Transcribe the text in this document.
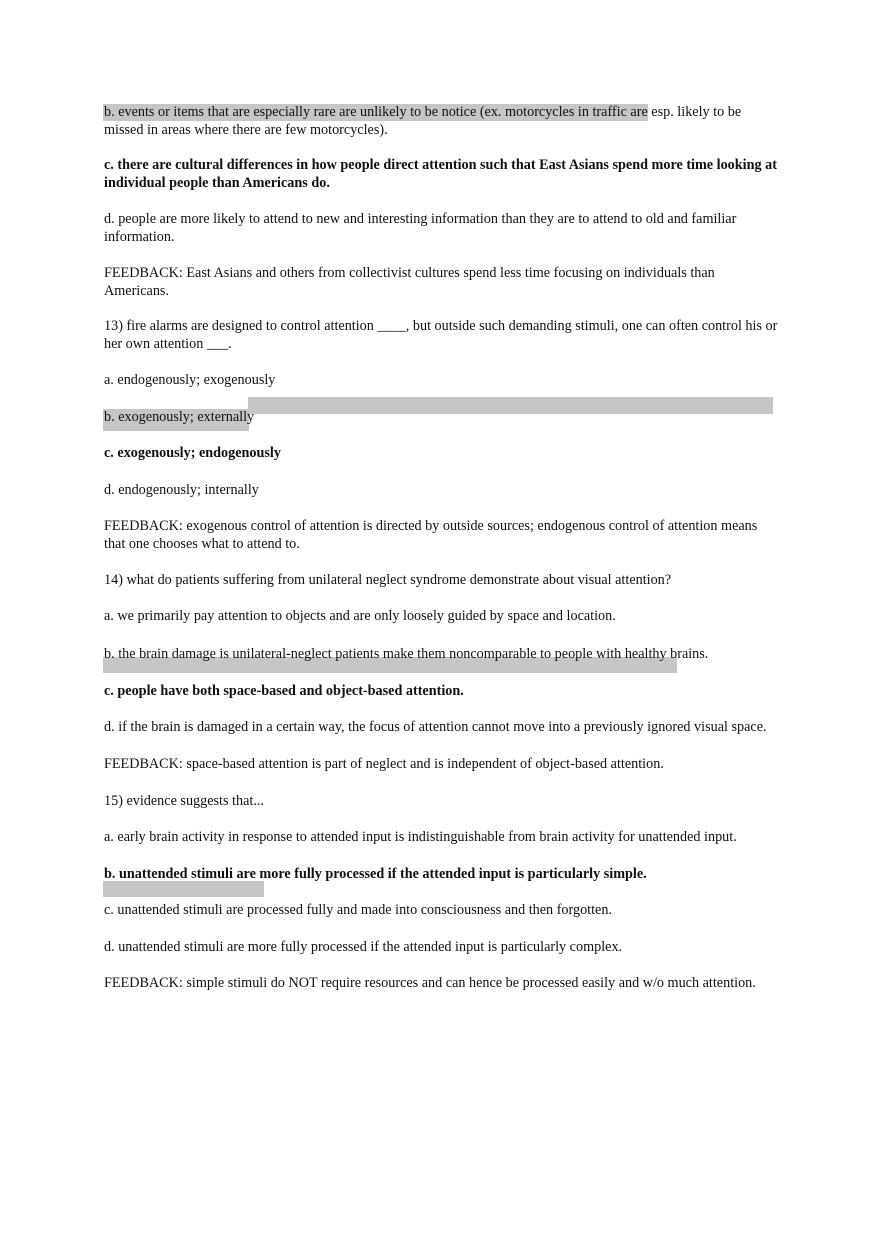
b. events or items that are especially rare are unlikely to be notice (ex. motorcycles in traffic are esp. likely to be missed in areas where there are few motorcycles).

c. there are cultural differences in how people direct attention such that East Asians spend more time looking at individual people than Americans do.

d. people are more likely to attend to new and interesting information than they are to attend to old and familiar information.

FEEDBACK: East Asians and others from collectivist cultures spend less time focusing on individuals than Americans.

13) fire alarms are designed to control attention ____, but outside such demanding stimuli, one can often control his or her own attention ___.

a. endogenously; exogenously

b. exogenously; externally

c. exogenously; endogenously

d. endogenously; internally

FEEDBACK: exogenous control of attention is directed by outside sources; endogenous control of attention means that one chooses what to attend to.

14) what do patients suffering from unilateral neglect syndrome demonstrate about visual attention?

a. we primarily pay attention to objects and are only loosely guided by space and location.

b. the brain damage is unilateral-neglect patients make them noncomparable to people with healthy brains.

c. people have both space-based and object-based attention.

d. if the brain is damaged in a certain way, the focus of attention cannot move into a previously ignored visual space.

FEEDBACK: space-based attention is part of neglect and is independent of object-based attention.

15) evidence suggests that...

a. early brain activity in response to attended input is indistinguishable from brain activity for unattended input.

b. unattended stimuli are more fully processed if the attended input is particularly simple.

c. unattended stimuli are processed fully and made into consciousness and then forgotten.

d. unattended stimuli are more fully processed if the attended input is particularly complex.

FEEDBACK: simple stimuli do NOT require resources and can hence be processed easily and w/o much attention.
